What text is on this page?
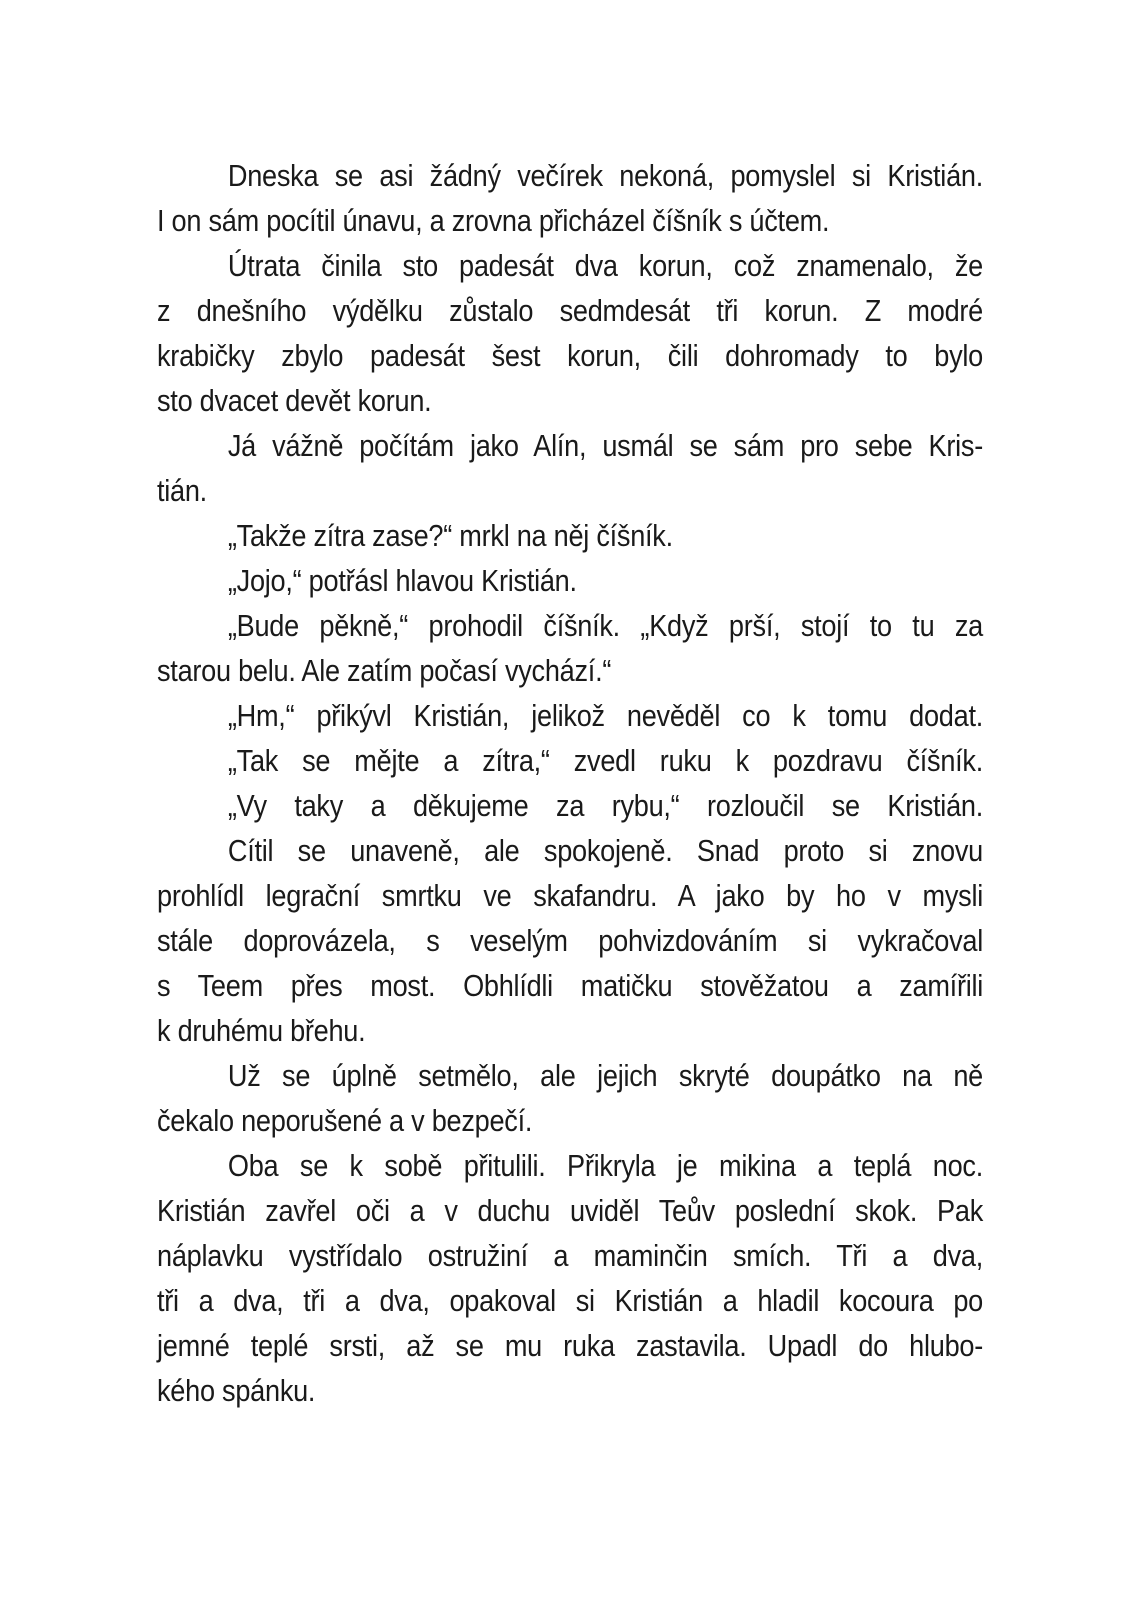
Dneska se asi žádný večírek nekoná, pomyslel si Kristián.
I on sám pocítil únavu, a zrovna přicházel číšník s účtem.
Útrata činila sto padesát dva korun, což znamenalo, že
z dnešního výdělku zůstalo sedmdesát tři korun. Z modré
krabičky zbylo padesát šest korun, čili dohromady to bylo
sto dvacet devět korun.
Já vážně počítám jako Alín, usmál se sám pro sebe Kris-
tián.
„Takže zítra zase?“ mrkl na něj číšník.
„Jojo,“ potřásl hlavou Kristián.
„Bude pěkně,“ prohodil číšník. „Když prší, stojí to tu za
starou belu. Ale zatím počasí vychází.“
„Hm,“ přikývl Kristián, jelikož nevěděl co k tomu dodat.
„Tak se mějte a zítra,“ zvedl ruku k pozdravu číšník.
„Vy taky a děkujeme za rybu,“ rozloučil se Kristián.
Cítil se unaveně, ale spokojeně. Snad proto si znovu
prohlídl legrační smrtku ve skafandru. A jako by ho v mysli
stále doprovázela, s veselým pohvizdováním si vykračoval
s Teem přes most. Obhlídli matičku stověžatou a zamířili
k druhému břehu.
Už se úplně setmělo, ale jejich skryté doupátko na ně
čekalo neporušené a v bezpečí.
Oba se k sobě přitulili. Přikryla je mikina a teplá noc.
Kristián zavřel oči a v duchu uviděl Teův poslední skok. Pak
náplavku vystřídalo ostružiní a maminčin smích. Tři a dva,
tři a dva, tři a dva, opakoval si Kristián a hladil kocoura po
jemné teplé srsti, až se mu ruka zastavila. Upadl do hlubo-
kého spánku.
